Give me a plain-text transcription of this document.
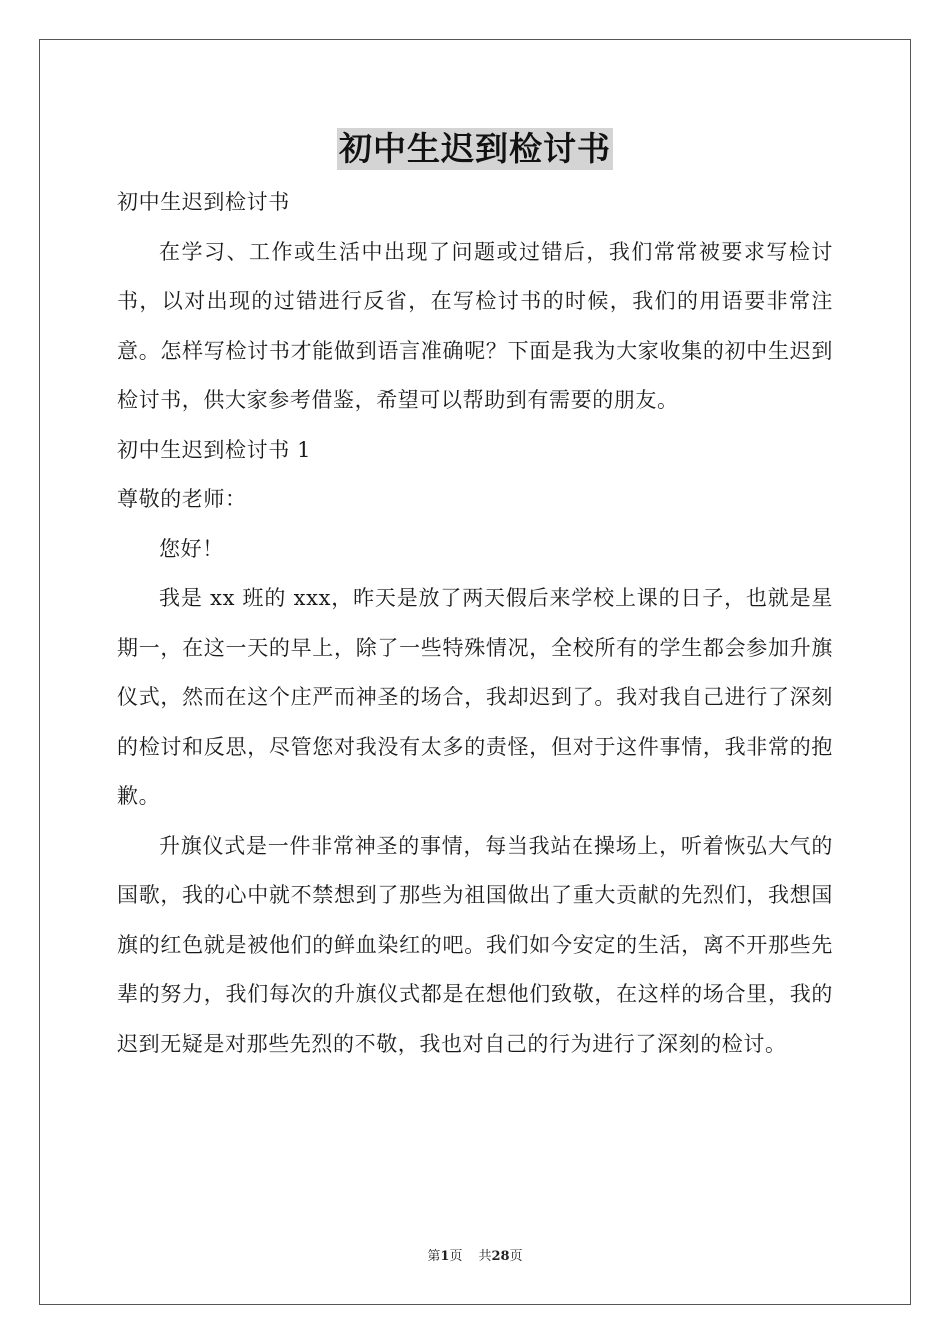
初中生迟到检讨书

初中生迟到检讨书

在学习、工作或生活中出现了问题或过错后，我们常常被要求写检讨书，以对出现的过错进行反省，在写检讨书的时候，我们的用语要非常注意。怎样写检讨书才能做到语言准确呢？下面是我为大家收集的初中生迟到检讨书，供大家参考借鉴，希望可以帮助到有需要的朋友。

初中生迟到检讨书 1

尊敬的老师：

您好！

我是 xx 班的 xxx，昨天是放了两天假后来学校上课的日子，也就是星期一，在这一天的早上，除了一些特殊情况，全校所有的学生都会参加升旗仪式，然而在这个庄严而神圣的场合，我却迟到了。我对我自己进行了深刻的检讨和反思，尽管您对我没有太多的责怪，但对于这件事情，我非常的抱歉。

升旗仪式是一件非常神圣的事情，每当我站在操场上，听着恢弘大气的国歌，我的心中就不禁想到了那些为祖国做出了重大贡献的先烈们，我想国旗的红色就是被他们的鲜血染红的吧。我们如今安定的生活，离不开那些先辈的努力，我们每次的升旗仪式都是在想他们致敬，在这样的场合里，我的迟到无疑是对那些先烈的不敬，我也对自己的行为进行了深刻的检讨。

第1页 共28页
